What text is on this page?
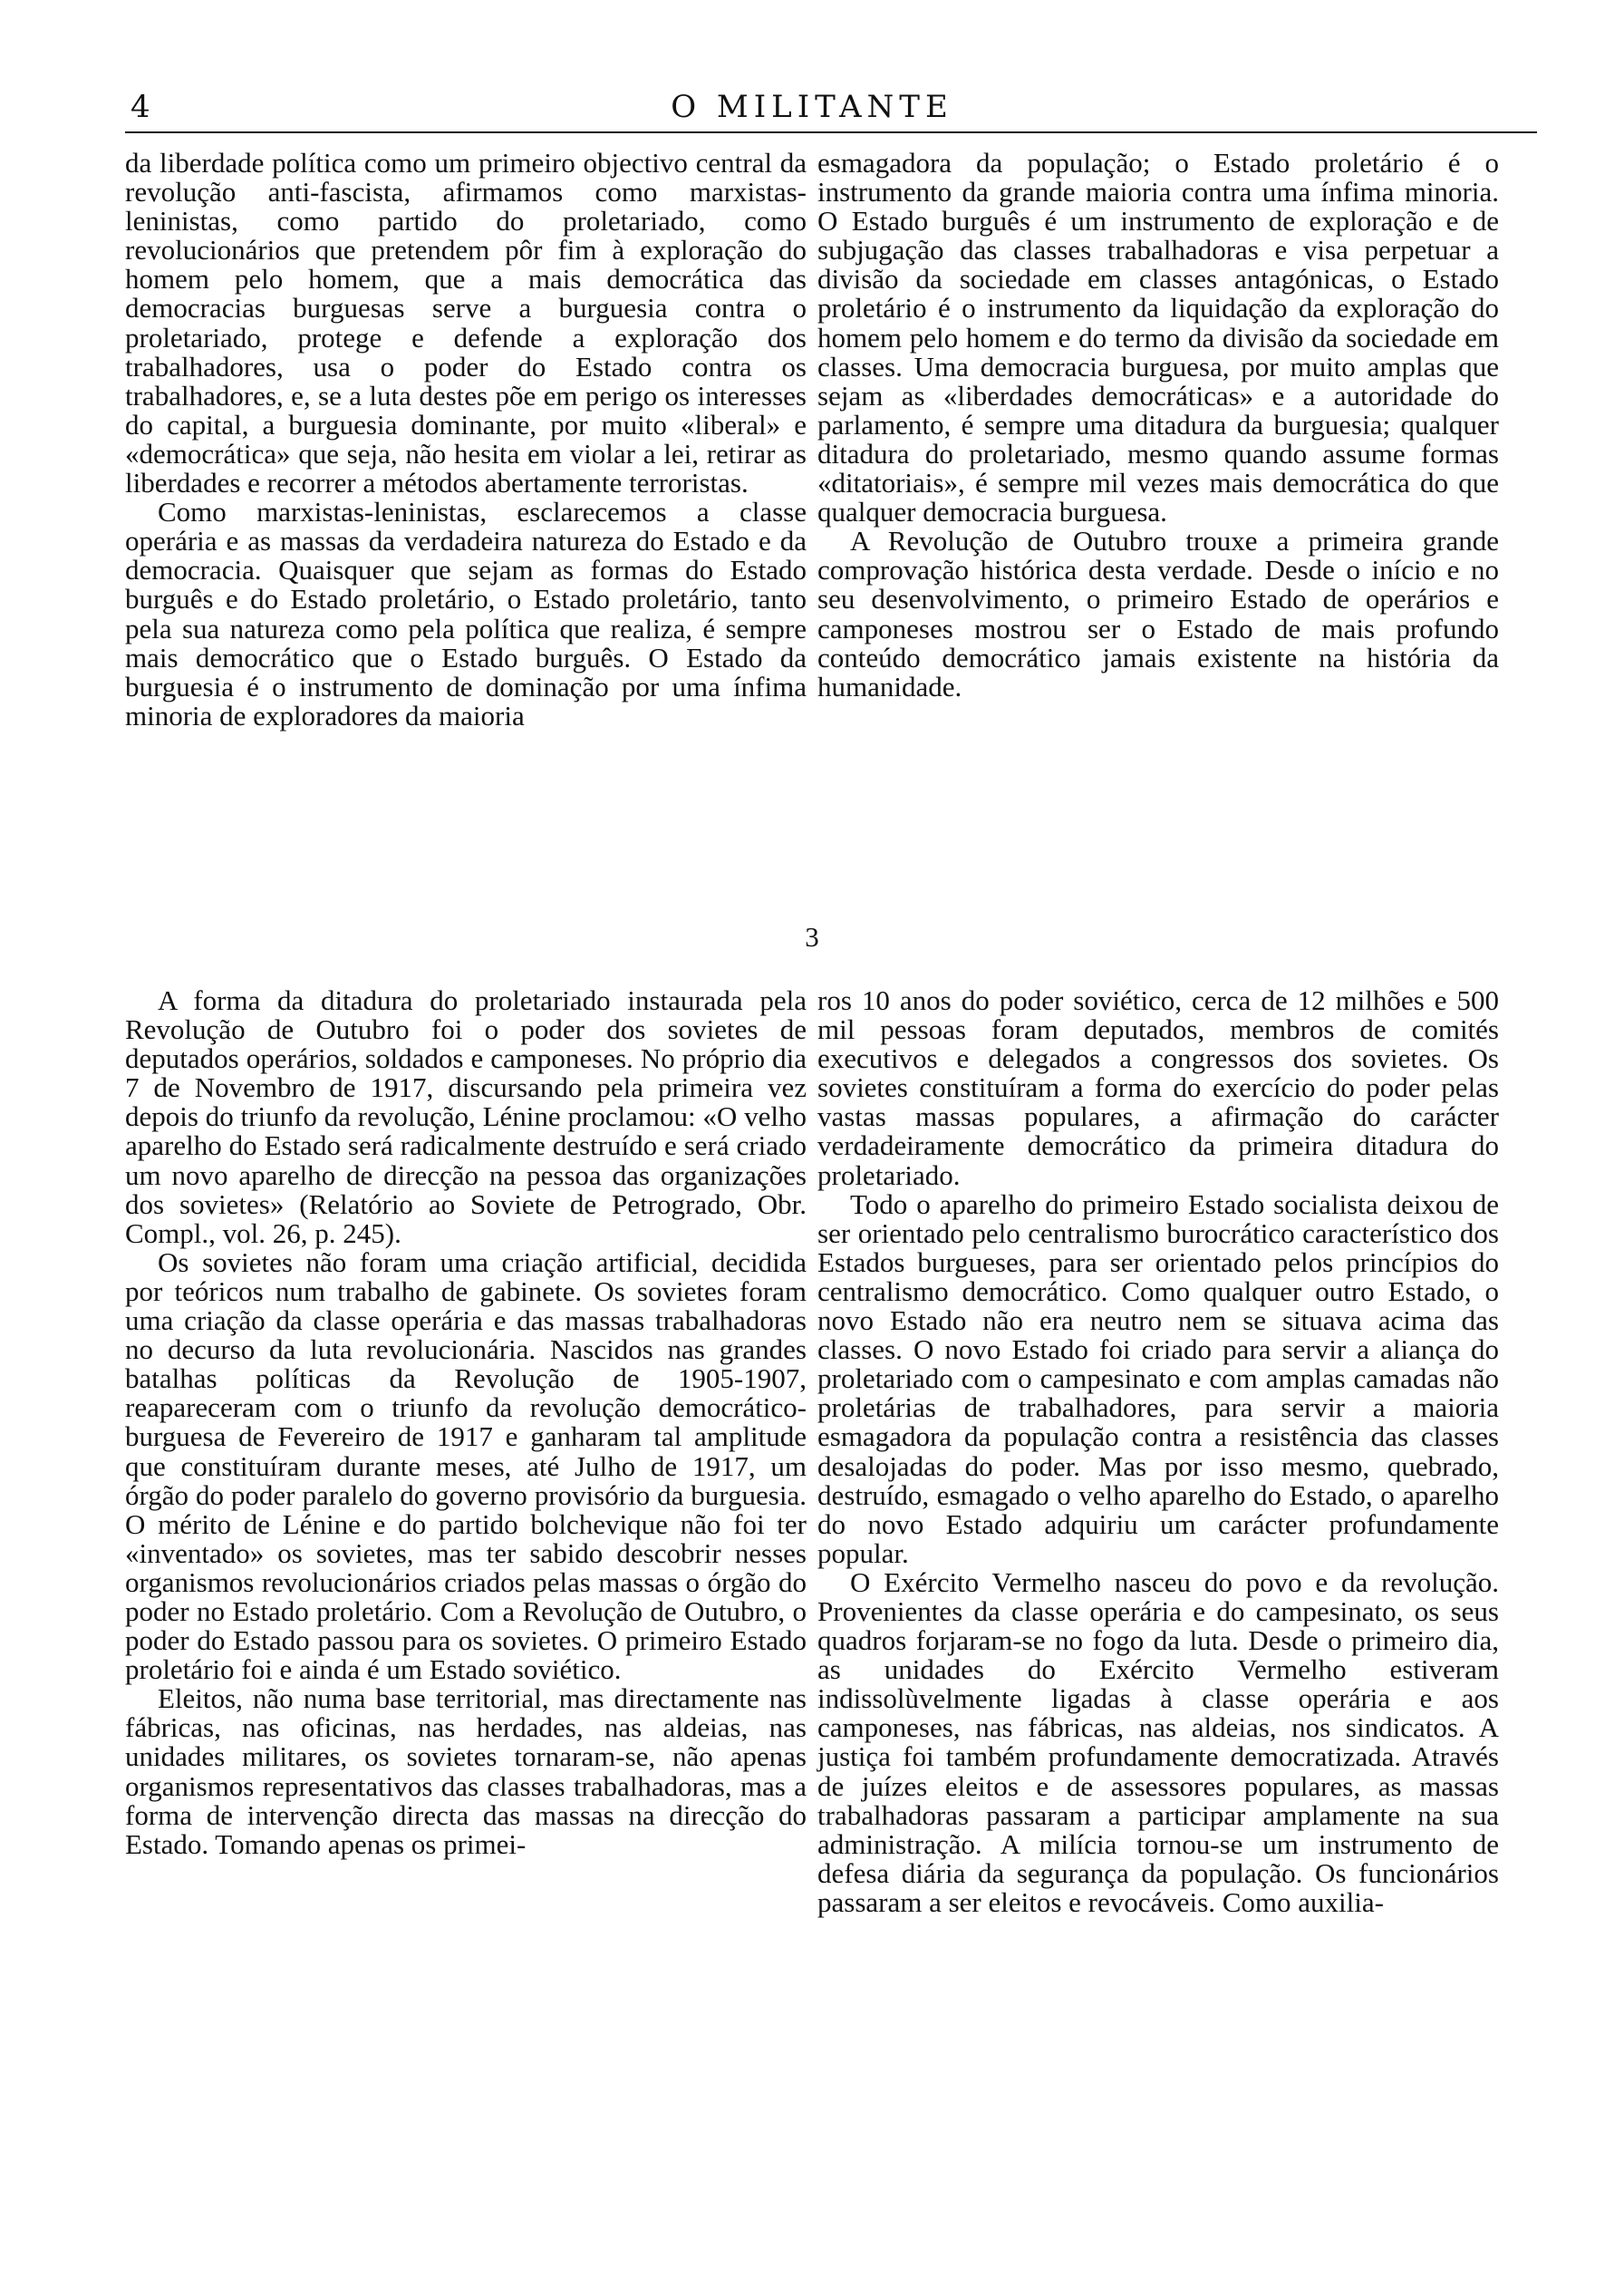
4	O MILITANTE

da liberdade política como um primeiro objectivo central da revolução anti-fascista, afirmamos como marxistas-leninistas, como partido do proletariado, como revolucionários que pretendem pôr fim à exploração do homem pelo homem, que a mais democrática das democracias burguesas serve a burguesia contra o proletariado, protege e defende a exploração dos trabalhadores, usa o poder do Estado contra os trabalhadores, e, se a luta destes põe em perigo os interesses do capital, a burguesia dominante, por muito «liberal» e «democrática» que seja, não hesita em violar a lei, retirar as liberdades e recorrer a métodos abertamente terroristas.

Como marxistas-leninistas, esclarecemos a classe operária e as massas da verdadeira natureza do Estado e da democracia. Quaisquer que sejam as formas do Estado burguês e do Estado proletário, o Estado proletário, tanto pela sua natureza como pela política que realiza, é sempre mais democrático que o Estado burguês. O Estado da burguesia é o instrumento de dominação por uma ínfima minoria de exploradores da maioria

esmagadora da população; o Estado proletário é o instrumento da grande maioria contra uma ínfima minoria. O Estado burguês é um instrumento de exploração e de subjugação das classes trabalhadoras e visa perpetuar a divisão da sociedade em classes antagónicas, o Estado proletário é o instrumento da liquidação da exploração do homem pelo homem e do termo da divisão da sociedade em classes. Uma democracia burguesa, por muito amplas que sejam as «liberdades democráticas» e a autoridade do parlamento, é sempre uma ditadura da burguesia; qualquer ditadura do proletariado, mesmo quando assume formas «ditatoriais», é sempre mil vezes mais democrática do que qualquer democracia burguesa.

A Revolução de Outubro trouxe a primeira grande comprovação histórica desta verdade. Desde o início e no seu desenvolvimento, o primeiro Estado de operários e camponeses mostrou ser o Estado de mais profundo conteúdo democrático jamais existente na história da humanidade.

3

A forma da ditadura do proletariado instaurada pela Revolução de Outubro foi o poder dos sovietes de deputados operários, soldados e camponeses. No próprio dia 7 de Novembro de 1917, discursando pela primeira vez depois do triunfo da revolução, Lénine proclamou: «O velho aparelho do Estado será radicalmente destruído e será criado um novo aparelho de direcção na pessoa das organizações dos sovietes» (Relatório ao Soviete de Petrogrado, Obr. Compl., vol. 26, p. 245).

Os sovietes não foram uma criação artificial, decidida por teóricos num trabalho de gabinete. Os sovietes foram uma criação da classe operária e das massas trabalhadoras no decurso da luta revolucionária. Nascidos nas grandes batalhas políticas da Revolução de 1905-1907, reapareceram com o triunfo da revolução democrático-burguesa de Fevereiro de 1917 e ganharam tal amplitude que constituíram durante meses, até Julho de 1917, um órgão do poder paralelo do governo provisório da burguesia. O mérito de Lénine e do partido bolchevique não foi ter «inventado» os sovietes, mas ter sabido descobrir nesses organismos revolucionários criados pelas massas o órgão do poder no Estado proletário. Com a Revolução de Outubro, o poder do Estado passou para os sovietes. O primeiro Estado proletário foi e ainda é um Estado soviético.

Eleitos, não numa base territorial, mas directamente nas fábricas, nas oficinas, nas herdades, nas aldeias, nas unidades militares, os sovietes tornaram-se, não apenas organismos representativos das classes trabalhadoras, mas a forma de intervenção directa das massas na direcção do Estado. Tomando apenas os primei-

ros 10 anos do poder soviético, cerca de 12 milhões e 500 mil pessoas foram deputados, membros de comités executivos e delegados a congressos dos sovietes. Os sovietes constituíram a forma do exercício do poder pelas vastas massas populares, a afirmação do carácter verdadeiramente democrático da primeira ditadura do proletariado.

Todo o aparelho do primeiro Estado socialista deixou de ser orientado pelo centralismo burocrático característico dos Estados burgueses, para ser orientado pelos princípios do centralismo democrático. Como qualquer outro Estado, o novo Estado não era neutro nem se situava acima das classes. O novo Estado foi criado para servir a aliança do proletariado com o campesinato e com amplas camadas não proletárias de trabalhadores, para servir a maioria esmagadora da população contra a resistência das classes desalojadas do poder. Mas por isso mesmo, quebrado, destruído, esmagado o velho aparelho do Estado, o aparelho do novo Estado adquiriu um carácter profundamente popular.

O Exército Vermelho nasceu do povo e da revolução. Provenientes da classe operária e do campesinato, os seus quadros forjaram-se no fogo da luta. Desde o primeiro dia, as unidades do Exército Vermelho estiveram indissolùvelmente ligadas à classe operária e aos camponeses, nas fábricas, nas aldeias, nos sindicatos. A justiça foi também profundamente democratizada. Através de juízes eleitos e de assessores populares, as massas trabalhadoras passaram a participar amplamente na sua administração. A milícia tornou-se um instrumento de defesa diária da segurança da população. Os funcionários passaram a ser eleitos e revocáveis. Como auxilia-
